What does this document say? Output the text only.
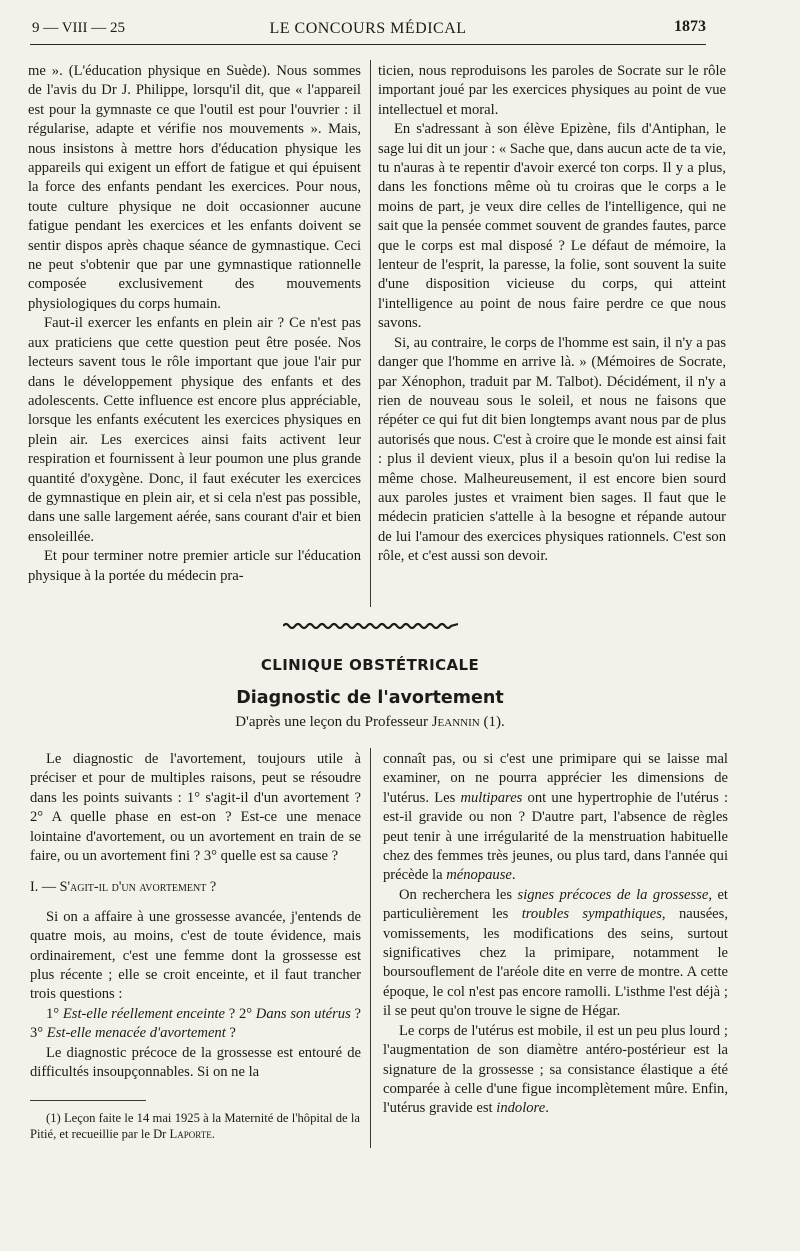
9 — VIII — 25	LE CONCOURS MÉDICAL	1873

me ». (L'éducation physique en Suède). Nous sommes de l'avis du Dr J. Philippe, lorsqu'il dit, que « l'appareil est pour la gymnaste ce que l'outil est pour l'ouvrier : il régularise, adapte et vérifie nos mouvements ». Mais, nous insistons à mettre hors d'éducation physique les appareils qui exigent un effort de fatigue et qui épuisent la force des enfants pendant les exercices. Pour nous, toute culture physique ne doit occasionner aucune fatigue pendant les exercices et les enfants doivent se sentir dispos après chaque séance de gymnastique. Ceci ne peut s'obtenir que par une gymnastique rationnelle composée exclusivement des mouvements physiologiques du corps humain.

Faut-il exercer les enfants en plein air ? Ce n'est pas aux praticiens que cette question peut être posée. Nos lecteurs savent tous le rôle important que joue l'air pur dans le développement physique des enfants et des adolescents. Cette influence est encore plus appréciable, lorsque les enfants exécutent les exercices physiques en plein air. Les exercices ainsi faits activent leur respiration et fournissent à leur poumon une plus grande quantité d'oxygène. Donc, il faut exécuter les exercices de gymnastique en plein air, et si cela n'est pas possible, dans une salle largement aérée, sans courant d'air et bien ensoleillée.

Et pour terminer notre premier article sur l'éducation physique à la portée du médecin pra-

ticien, nous reproduisons les paroles de Socrate sur le rôle important joué par les exercices physiques au point de vue intellectuel et moral.

En s'adressant à son élève Epizène, fils d'Antiphan, le sage lui dit un jour : « Sache que, dans aucun acte de ta vie, tu n'auras à te repentir d'avoir exercé ton corps. Il y a plus, dans les fonctions même où tu croiras que le corps a le moins de part, je veux dire celles de l'intelligence, qui ne sait que la pensée commet souvent de grandes fautes, parce que le corps est mal disposé ? Le défaut de mémoire, la lenteur de l'esprit, la paresse, la folie, sont souvent la suite d'une disposition vicieuse du corps, qui atteint l'intelligence au point de nous faire perdre ce que nous savons.

Si, au contraire, le corps de l'homme est sain, il n'y a pas danger que l'homme en arrive là. » (Mémoires de Socrate, par Xénophon, traduit par M. Talbot). Décidément, il n'y a rien de nouveau sous le soleil, et nous ne faisons que répéter ce qui fut dit bien longtemps avant nous par de plus autorisés que nous. C'est à croire que le monde est ainsi fait : plus il devient vieux, plus il a besoin qu'on lui redise la même chose. Malheureusement, il est encore bien sourd aux paroles justes et vraiment bien sages. Il faut que le médecin praticien s'attelle à la besogne et répande autour de lui l'amour des exercices physiques rationnels. C'est son rôle, et c'est aussi son devoir.

CLINIQUE OBSTÉTRICALE
Diagnostic de l'avortement
D'après une leçon du Professeur Jeannin (1).

Le diagnostic de l'avortement, toujours utile à préciser et pour de multiples raisons, peut se résoudre dans les points suivants : 1° s'agit-il d'un avortement ? 2° A quelle phase en est-on ? Est-ce une menace lointaine d'avortement, ou un avortement en train de se faire, ou un avortement fini ? 3° quelle est sa cause ?

I. — S'agit-il d'un avortement ?

Si on a affaire à une grossesse avancée, j'entends de quatre mois, au moins, c'est de toute évidence, mais ordinairement, c'est une femme dont la grossesse est plus récente ; elle se croit enceinte, et il faut trancher trois questions :

1° Est-elle réellement enceinte ? 2° Dans son utérus ? 3° Est-elle menacée d'avortement ?

Le diagnostic précoce de la grossesse est entouré de difficultés insoupçonnables. Si on ne la

connaît pas, ou si c'est une primipare qui se laisse mal examiner, on ne pourra apprécier les dimensions de l'utérus. Les multipares ont une hypertrophie de l'utérus : est-il gravide ou non ? D'autre part, l'absence de règles peut tenir à une irrégularité de la menstruation habituelle chez des femmes très jeunes, ou plus tard, dans l'année qui précède la ménopause.

On recherchera les signes précoces de la grossesse, et particulièrement les troubles sympathiques, nausées, vomissements, les modifications des seins, surtout significatives chez la primipare, notamment le boursouflement de l'aréole dite en verre de montre. A cette époque, le col n'est pas encore ramolli. L'isthme l'est déjà ; il se peut qu'on trouve le signe de Hégar.

Le corps de l'utérus est mobile, il est un peu plus lourd ; l'augmentation de son diamètre antéro-postérieur est la signature de la grossesse ; sa consistance élastique a été comparée à celle d'une figue incomplètement mûre. Enfin, l'utérus gravide est indolore.

(1) Leçon faite le 14 mai 1925 à la Maternité de l'hôpital de la Pitié, et recueillie par le Dr Laporte.
